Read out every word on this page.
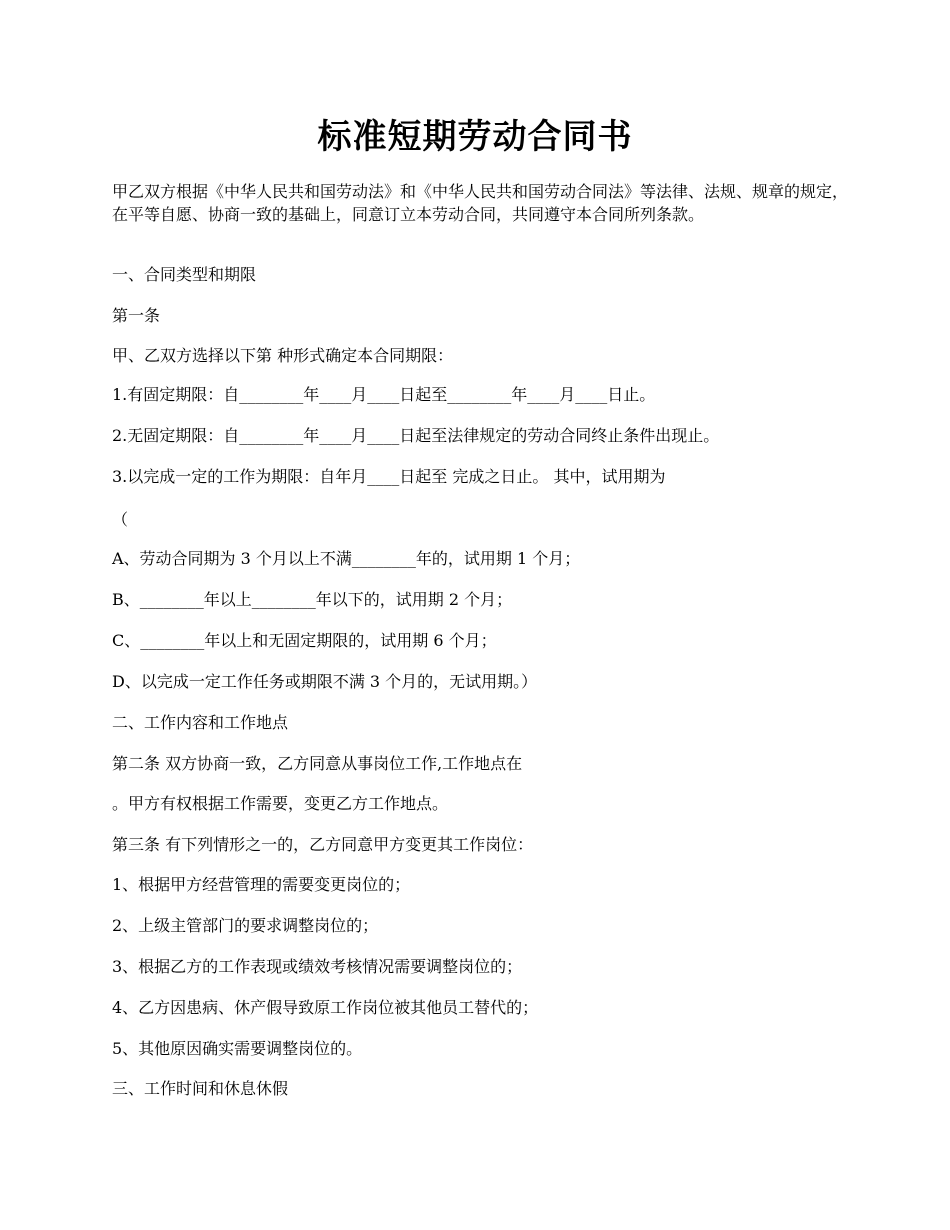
标准短期劳动合同书
甲乙双方根据《中华人民共和国劳动法》和《中华人民共和国劳动合同法》等法律、法规、规章的规定，在平等自愿、协商一致的基础上，同意订立本劳动合同，共同遵守本合同所列条款。
一、合同类型和期限
第一条
甲、乙双方选择以下第 种形式确定本合同期限：
1.有固定期限：自________年____月____日起至________年____月____日止。
2.无固定期限：自________年____月____日起至法律规定的劳动合同终止条件出现止。
3.以完成一定的工作为期限：自年月____日起至 完成之日止。 其中，试用期为
（
A、劳动合同期为 3 个月以上不满________年的，试用期 1 个月；
B、________年以上________年以下的，试用期 2 个月；
C、________年以上和无固定期限的，试用期 6 个月；
D、以完成一定工作任务或期限不满 3 个月的，无试用期。）
二、工作内容和工作地点
第二条 双方协商一致，乙方同意从事岗位工作,工作地点在
。甲方有权根据工作需要，变更乙方工作地点。
第三条 有下列情形之一的，乙方同意甲方变更其工作岗位：
1、根据甲方经营管理的需要变更岗位的；
2、上级主管部门的要求调整岗位的；
3、根据乙方的工作表现或绩效考核情况需要调整岗位的；
4、乙方因患病、休产假导致原工作岗位被其他员工替代的；
5、其他原因确实需要调整岗位的。
三、工作时间和休息休假
